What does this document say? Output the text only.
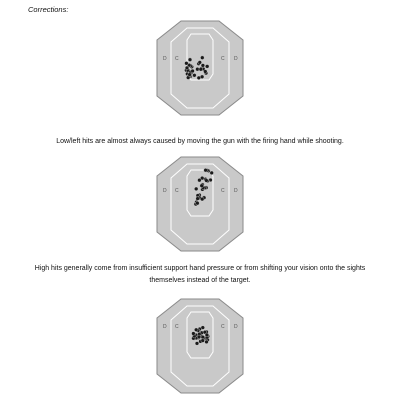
Corrections:
D C	C D
Low/left hits are almost always caused by moving the gun with the firing hand while shooting.
D C	C D
High hits generally come from insufficient support hand pressure or from shifting your vision onto the sights themselves instead of the target.
D C	C D
